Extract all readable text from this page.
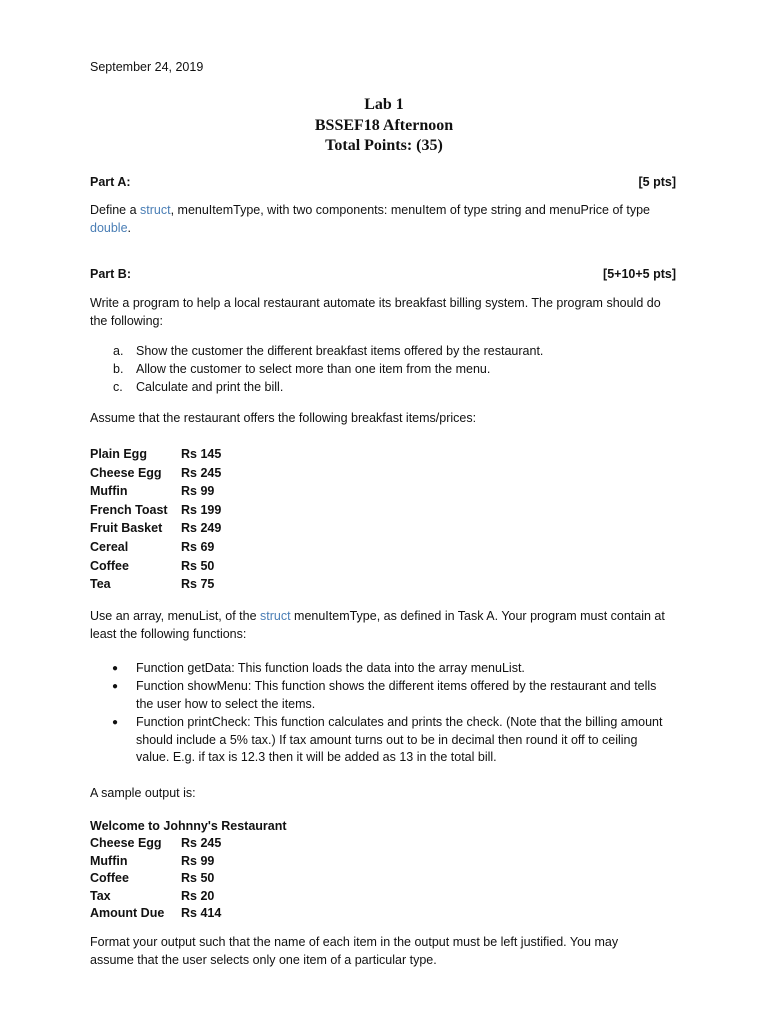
September 24, 2019
Lab 1
BSSEF18 Afternoon
Total Points: (35)
Part A:	[5 pts]
Define a struct, menuItemType, with two components: menuItem of type string and menuPrice of type
double.
Part B:	[5+10+5 pts]
Write a program to help a local restaurant automate its breakfast billing system. The program should do
the following:
a. Show the customer the different breakfast items offered by the restaurant.
b. Allow the customer to select more than one item from the menu.
c. Calculate and print the bill.
Assume that the restaurant offers the following breakfast items/prices:
Plain Egg	Rs 145
Cheese Egg Rs 245
Muffin	Rs 99
French Toast Rs 199
Fruit Basket Rs 249
Cereal	Rs 69
Coffee	Rs 50
Tea	Rs 75
Use an array, menuList, of the struct menuItemType, as defined in Task A. Your program must contain at
least the following functions:
● Function getData: This function loads the data into the array menuList.
● Function showMenu: This function shows the different items offered by the restaurant and tells
the user how to select the items.
● Function printCheck: This function calculates and prints the check. (Note that the billing amount
should include a 5% tax.) If tax amount turns out to be in decimal then round it off to ceiling
value. E.g. if tax is 12.3 then it will be added as 13 in the total bill.
A sample output is:
Welcome to Johnny's Restaurant
Cheese Egg Rs 245
Muffin	Rs 99
Coffee	Rs 50
Tax	Rs 20
Amount Due Rs 414
Format your output such that the name of each item in the output must be left justified. You may
assume that the user selects only one item of a particular type.
